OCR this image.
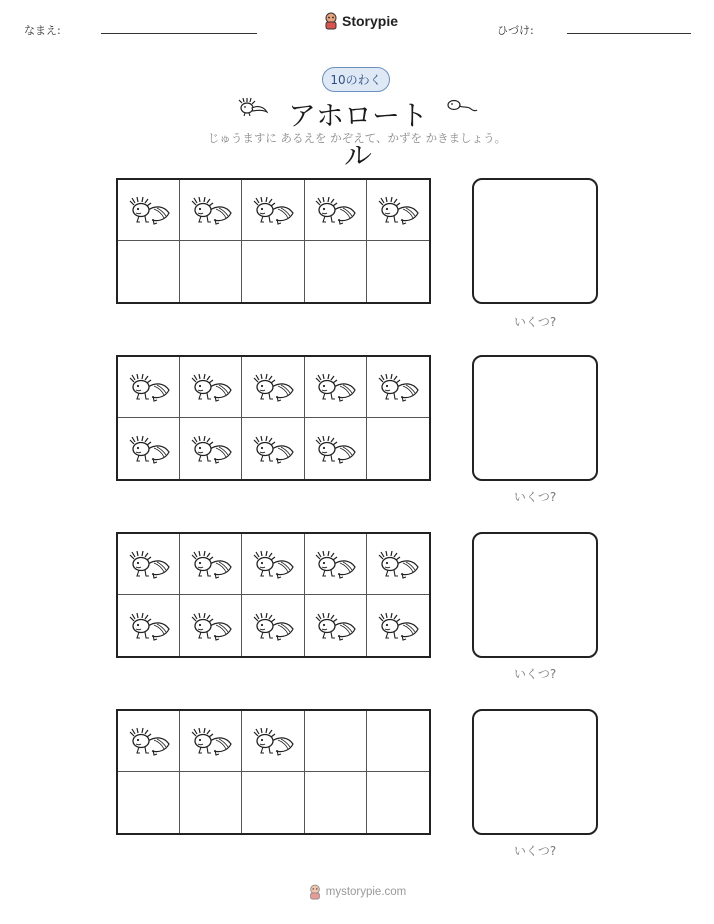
なまえ:
Storypie
ひづけ:
10のわく
アホロートル
じゅうますに あるえを かぞえて、かずを かきましょう。
いくつ?
いくつ?
いくつ?
いくつ?
mystorypie.com
